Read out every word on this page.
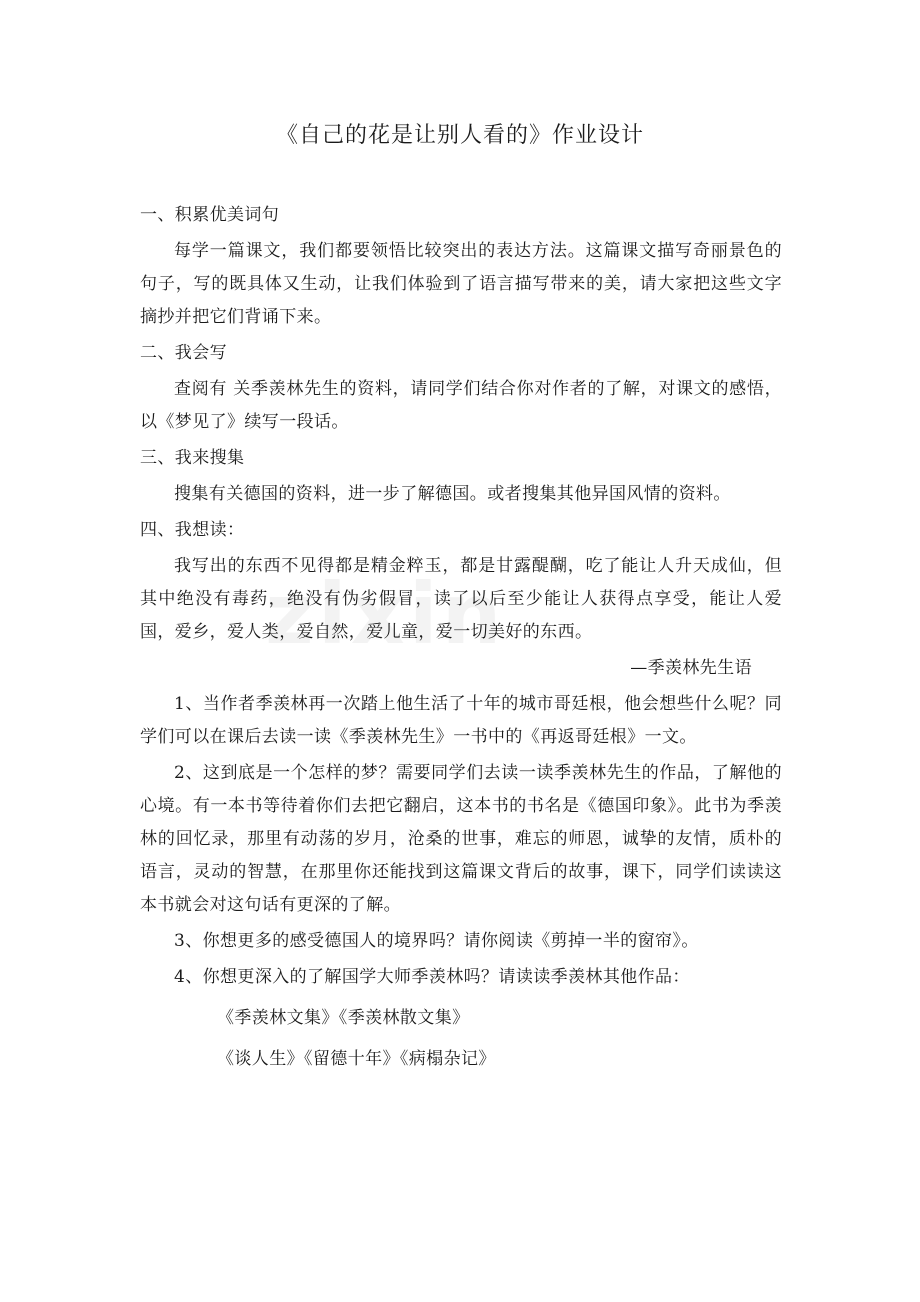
《自己的花是让别人看的》作业设计

一、积累优美词句

每学一篇课文，我们都要领悟比较突出的表达方法。这篇课文描写奇丽景色的句子，写的既具体又生动，让我们体验到了语言描写带来的美，请大家把这些文字摘抄并把它们背诵下来。

二、我会写

查阅有 关季羡林先生的资料，请同学们结合你对作者的了解，对课文的感悟，以《梦见了》续写一段话。

三、我来搜集

搜集有关德国的资料，进一步了解德国。或者搜集其他异国风情的资料。

四、我想读：

我写出的东西不见得都是精金粹玉，都是甘露醍醐，吃了能让人升天成仙，但其中绝没有毒药，绝没有伪劣假冒，读了以后至少能让人获得点享受，能让人爱国，爱乡，爱人类，爱自然，爱儿童，爱一切美好的东西。

—季羡林先生语

1、当作者季羡林再一次踏上他生活了十年的城市哥廷根，他会想些什么呢？同学们可以在课后去读一读《季羡林先生》一书中的《再返哥廷根》一文。

2、这到底是一个怎样的梦？需要同学们去读一读季羡林先生的作品，了解他的心境。有一本书等待着你们去把它翻启，这本书的书名是《德国印象》。此书为季羡林的回忆录，那里有动荡的岁月，沧桑的世事，难忘的师恩，诚挚的友情，质朴的语言，灵动的智慧，在那里你还能找到这篇课文背后的故事，课下，同学们读读这本书就会对这句话有更深的了解。

3、你想更多的感受德国人的境界吗？请你阅读《剪掉一半的窗帘》。

4、你想更深入的了解国学大师季羡林吗？请读读季羡林其他作品：

《季羡林文集》《季羡林散文集》

《谈人生》《留德十年》《病榻杂记》
